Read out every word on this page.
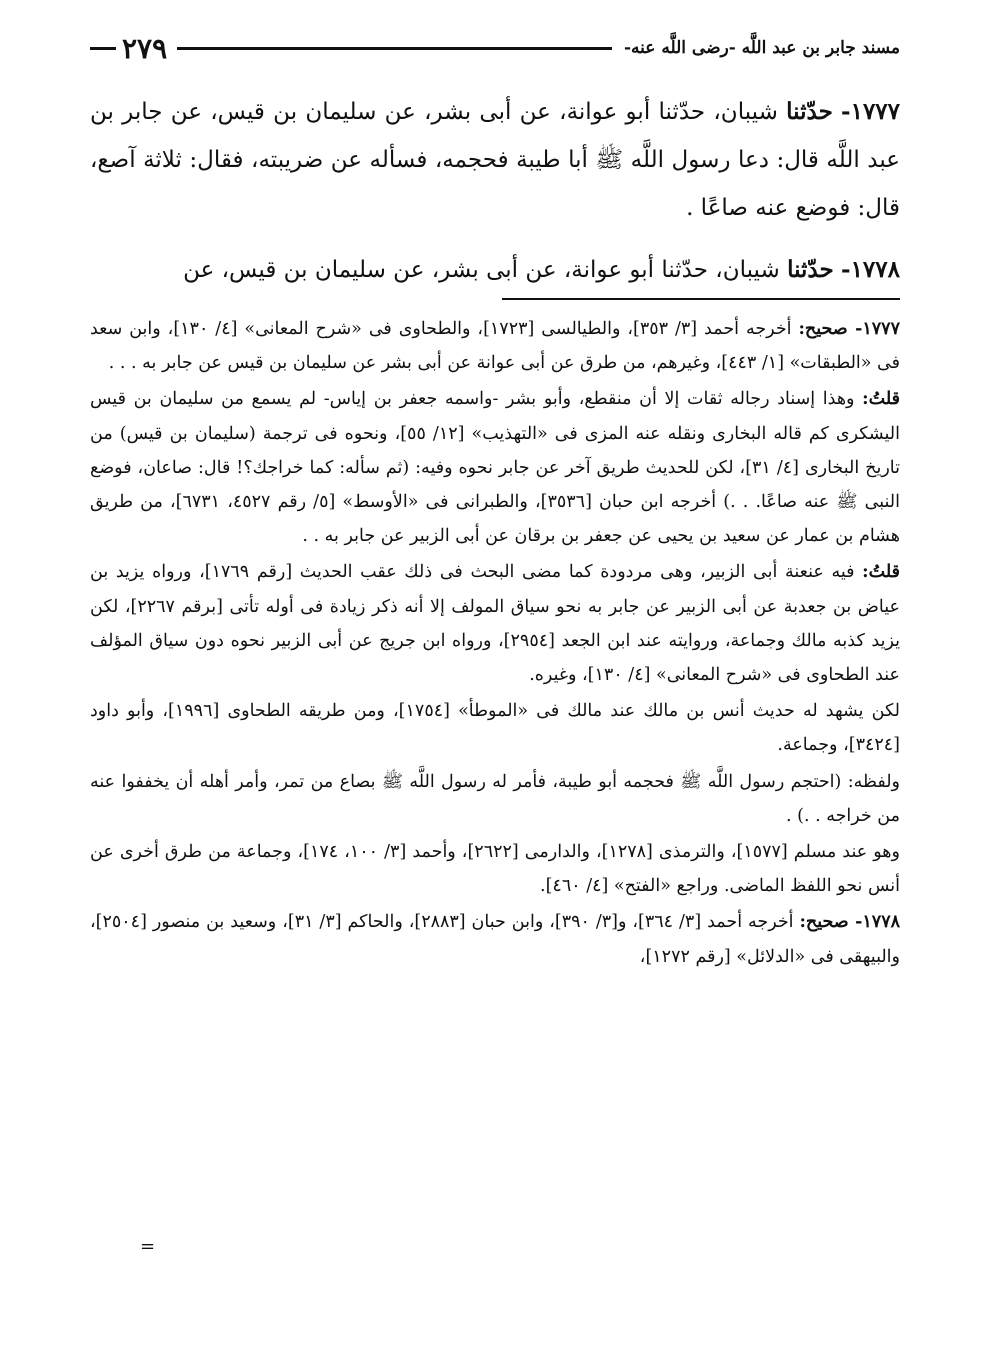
مسند جابر بن عبد اللَّه -رضى اللَّه عنه-
٢٧٩

١٧٧٧- حدّثنا شيبان، حدّثنا أبو عوانة، عن أبى بشر، عن سليمان بن قيس، عن جابر بن عبد اللَّه قال: دعا رسول اللَّه ﷺ أبا طيبة فحجمه، فسأله عن ضريبته، فقال: ثلاثة آصع، قال: فوضع عنه صاعًا .

١٧٧٨- حدّثنا شيبان، حدّثنا أبو عوانة، عن أبى بشر، عن سليمان بن قيس، عن

١٧٧٧- صحيح: أخرجه أحمد [٣/ ٣٥٣]، والطيالسى [١٧٢٣]، والطحاوى فى «شرح المعانى» [٤/ ١٣٠]، وابن سعد فى «الطبقات» [١/ ٤٤٣]، وغيرهم، من طرق عن أبى عوانة عن أبى بشر عن سليمان بن قيس عن جابر به . . .

قلتُ: وهذا إسناد رجاله ثقات إلا أن منقطع، وأبو بشر -واسمه جعفر بن إياس- لم يسمع من سليمان بن قيس اليشكرى كم قاله البخارى ونقله عنه المزى فى «التهذيب» [١٢/ ٥٥]، ونحوه فى ترجمة (سليمان بن قيس) من تاريخ البخارى [٤/ ٣١]، لكن للحديث طريق آخر عن جابر نحوه وفيه: (ثم سأله: كما خراجك؟! قال: صاعان، فوضع النبى ﷺ عنه صاعًا. . .) أخرجه ابن حبان [٣٥٣٦]، والطبرانى فى «الأوسط» [٥/ رقم ٤٥٢٧، ٦٧٣١]، من طريق هشام بن عمار عن سعيد بن يحيى عن جعفر بن برقان عن أبى الزبير عن جابر به . .

قلتُ: فيه عنعنة أبى الزبير، وهى مردودة كما مضى البحث فى ذلك عقب الحديث [رقم ١٧٦٩]، ورواه يزيد بن عياض بن جعدبة عن أبى الزبير عن جابر به نحو سياق المولف إلا أنه ذكر زيادة فى أوله تأتى [برقم ٢٢٦٧]، لكن يزيد كذبه مالك وجماعة، وروايته عند ابن الجعد [٢٩٥٤]، ورواه ابن جريج عن أبى الزبير نحوه دون سياق المؤلف عند الطحاوى فى «شرح المعانى» [٤/ ١٣٠]، وغيره.

لكن يشهد له حديث أنس بن مالك عند مالك فى «الموطأ» [١٧٥٤]، ومن طريقه الطحاوى [١٩٩٦]، وأبو داود [٣٤٢٤]، وجماعة.

ولفظه: (احتجم رسول اللَّه ﷺ فحجمه أبو طيبة، فأمر له رسول اللَّه ﷺ بصاع من تمر، وأمر أهله أن يخففوا عنه من خراجه . .) .

وهو عند مسلم [١٥٧٧]، والترمذى [١٢٧٨]، والدارمى [٢٦٢٢]، وأحمد [٣/ ١٠٠، ١٧٤]، وجماعة من طرق أخرى عن أنس نحو اللفظ الماضى. وراجع «الفتح» [٤/ ٤٦٠].

١٧٧٨- صحيح: أخرجه أحمد [٣/ ٣٦٤]، و[٣/ ٣٩٠]، وابن حبان [٢٨٨٣]، والحاكم [٣/ ٣١]، وسعيد بن منصور [٢٥٠٤]، والبيهقى فى «الدلائل» [رقم ١٢٧٢]،

=
